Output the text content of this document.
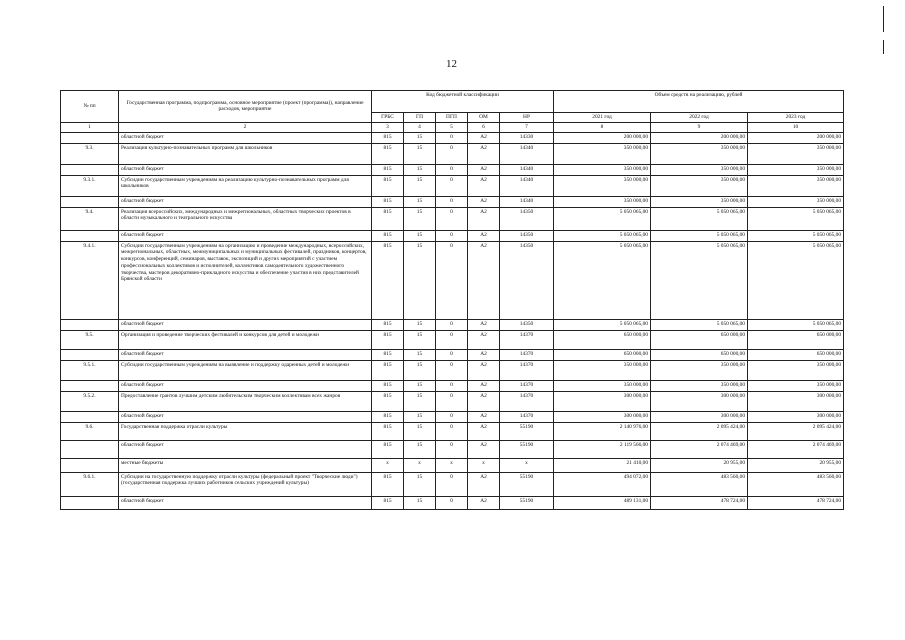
12
№ пп	Государственная программа, подпрограмма, основное мероприятие (проект (программа)), направление расходов, мероприятие	Код бюджетной классификации					Объем средств на реализацию, рублей		
		ГРБС	ГП	ПГП	ОМ	НР	2021 год	2022 год	2023 год
1	2	3	4	5	6	7	8	9	10
	областной бюджет	815	15	0	А2	14330	200 000,00	200 000,00	200 000,00
9.3.	Реализация культурно-познавательных программ для школьников	815	15	0	А2	14340	350 000,00	350 000,00	350 000,00
	областной бюджет	815	15	0	А2	14340	350 000,00	350 000,00	350 000,00
9.3.1.	Субсидии государственным учреждениям на реализацию культурно-познавательных программ для школьников	815	15	0	А2	14340	350 000,00	350 000,00	350 000,00
	областной бюджет	815	15	0	А2	14340	350 000,00	350 000,00	350 000,00
9.4.	Реализация всероссийских, международных и межрегиональных, областных творческих проектов в области музыкального и театрального искусства	815	15	0	А2	14350	5 050 065,00	5 050 065,00	5 050 065,00
	областной бюджет	815	15	0	А2	14350	5 050 065,00	5 050 065,00	5 050 065,00
9.4.1.	Субсидии государственным учреждениям на организацию и проведение международных, всероссийских, межрегиональных, областных, межмуниципальных и муниципальных фестивалей, праздников, концертов, конкурсов, конференций, семинаров, выставок, экспозиций и других мероприятий с участием профессиональных коллективов и исполнителей, коллективов самодеятельного художественного творчества, мастеров декоративно-прикладного искусства и обеспечение участия в них представителей Брянской области	815	15	0	А2	14350	5 050 065,00	5 050 065,00	5 050 065,00
	областной бюджет	815	15	0	А2	14350	5 050 065,00	5 050 065,00	5 050 065,00
9.5.	Организация и проведение творческих фестивалей и конкурсов для детей и молодежи	815	15	0	А2	14370	650 000,00	650 000,00	650 000,00
	областной бюджет	815	15	0	А2	14370	650 000,00	650 000,00	650 000,00
9.5.1.	Субсидии государственным учреждениям на выявление и поддержку одаренных детей и молодежи	815	15	0	А2	14370	350 000,00	350 000,00	350 000,00
	областной бюджет	815	15	0	А2	14370	350 000,00	350 000,00	350 000,00
9.5.2.	Предоставление грантов лучшим детским любительским творческим коллективам всех жанров	815	15	0	А2	14370	300 000,00	300 000,00	300 000,00
	областной бюджет	815	15	0	А2	14370	300 000,00	300 000,00	300 000,00
9.6.	Государственная поддержка отрасли культуры	815	15	0	А2	55190	2 140 976,00	2 095 424,00	2 095 424,00
	областной бюджет	815	15	0	А2	55190	2 119 566,00	2 074 469,00	2 074 469,00
	местные бюджеты	х	х	х	х	х	21 410,00	20 955,00	20 955,00
9.6.1.	Субсидии на государственную поддержку отрасли культуры (федеральный проект "Творческие люди") (государственная поддержка лучших работников сельских учреждений культуры)	815	15	0	А2	55190	494 072,00	483 560,00	483 560,00
	областной бюджет	815	15	0	А2	55190	489 131,00	478 724,00	478 724,00
